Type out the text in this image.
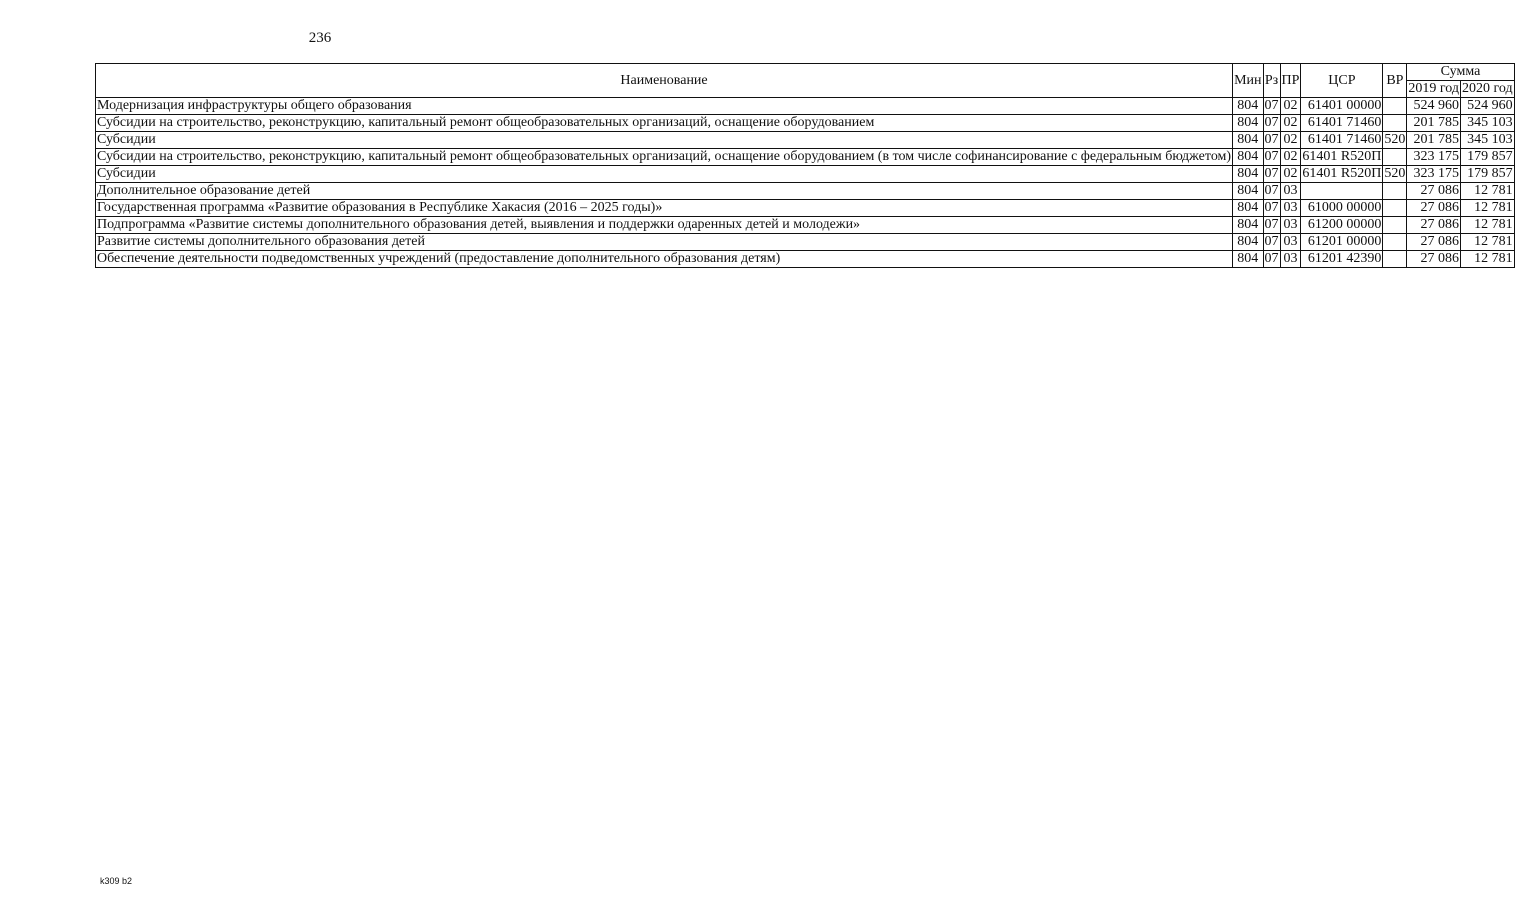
236
Наименование	Мин	Рз	ПР	ЦСР	ВР	Сумма	
						2019 год	2020 год
Модернизация инфраструктуры общего образования	804	07	02	61401 00000		524 960	524 960
Субсидии на строительство, реконструкцию, капитальный ремонт общеобразовательных организаций, оснащение оборудованием	804	07	02	61401 71460		201 785	345 103
Субсидии	804	07	02	61401 71460	520	201 785	345 103
Субсидии на строительство, реконструкцию, капитальный ремонт общеобразовательных организаций, оснащение оборудованием (в том числе софинансирование с федеральным бюджетом)	804	07	02	61401 R520П		323 175	179 857
Субсидии	804	07	02	61401 R520П	520	323 175	179 857
Дополнительное образование детей	804	07	03			27 086	12 781
Государственная программа «Развитие образования в Республике Хакасия (2016 – 2025 годы)»	804	07	03	61000 00000		27 086	12 781
Подпрограмма «Развитие системы дополнительного образования детей, выявления и поддержки одаренных детей и молодежи»	804	07	03	61200 00000		27 086	12 781
Развитие системы дополнительного образования детей	804	07	03	61201 00000		27 086	12 781
Обеспечение деятельности подведомственных учреждений (предоставление дополнительного образования детям)	804	07	03	61201 42390		27 086	12 781
k309 b2
